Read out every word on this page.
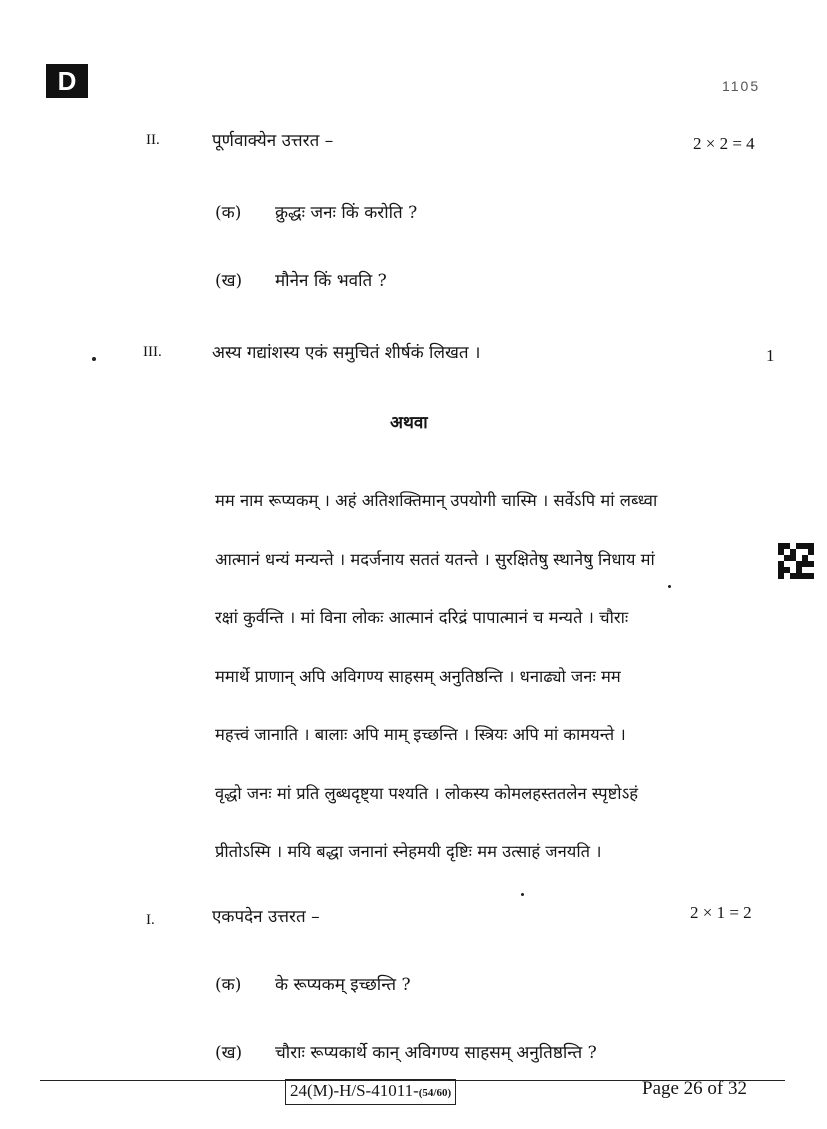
D	1105
II.	पूर्णवाक्येन उत्तरत –	2 × 2 = 4
(क) क्रुद्धः जनः किं करोति ?
(ख) मौनेन किं भवति ?
III.	अस्य गद्यांशस्य एकं समुचितं शीर्षकं लिखत ।	1
अथवा

मम नाम रूप्यकम् । अहं अतिशक्तिमान् उपयोगी चास्मि । सर्वेऽपि मां लब्ध्वा

आत्मानं धन्यं मन्यन्ते । मदर्जनाय सततं यतन्ते । सुरक्षितेषु स्थानेषु निधाय मां

रक्षां कुर्वन्ति । मां विना लोकः आत्मानं दरिद्रं पापात्मानं च मन्यते । चौराः

ममार्थे प्राणान् अपि अविगण्य साहसम् अनुतिष्ठन्ति । धनाढ्यो जनः मम

महत्त्वं जानाति । बालाः अपि माम् इच्छन्ति । स्त्रियः अपि मां कामयन्ते ।

वृद्धो जनः मां प्रति लुब्धदृष्ट्या पश्यति । लोकस्य कोमलहस्ततलेन स्पृष्टोऽहं

प्रीतोऽस्मि । मयि बद्धा जनानां स्नेहमयी दृष्टिः मम उत्साहं जनयति ।

I.	एकपदेन उत्तरत –	2 × 1 = 2
(क) के रूप्यकम् इच्छन्ति ?
(ख) चौराः रूप्यकार्थे कान् अविगण्य साहसम् अनुतिष्ठन्ति ?
24(M)-H/S-41011-(54/60)	Page 26 of 32
